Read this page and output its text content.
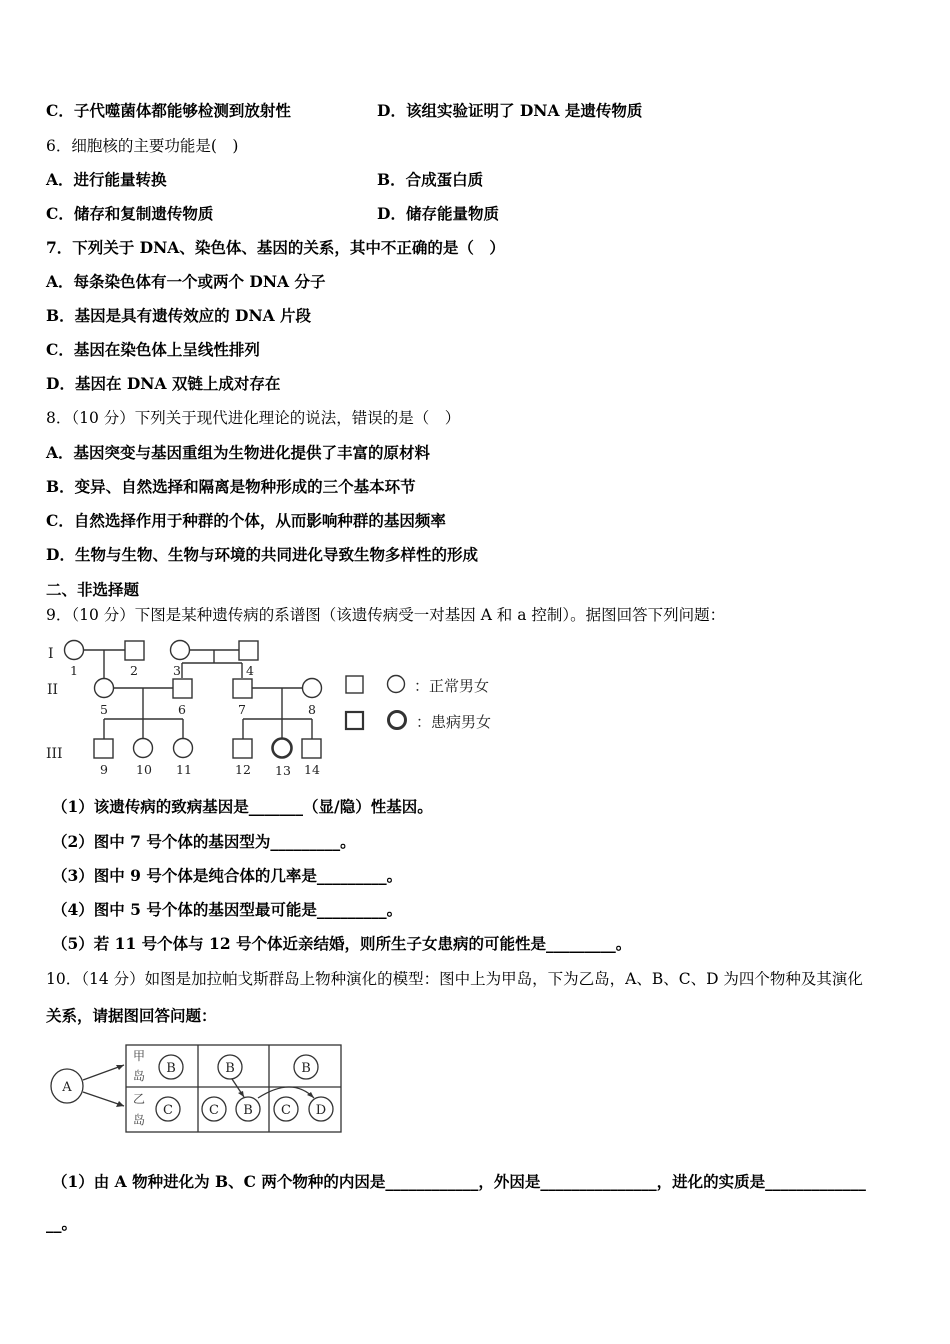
C．子代噬菌体都能够检测到放射性	D．该组实验证明了 DNA 是遗传物质
6．细胞核的主要功能是(　)
A．进行能量转换	B．合成蛋白质
C．储存和复制遗传物质	D．储存能量物质
7．下列关于 DNA、染色体、基因的关系，其中不正确的是（　）
A．每条染色体有一个或两个 DNA 分子
B．基因是具有遗传效应的 DNA 片段
C．基因在染色体上呈线性排列
D．基因在 DNA 双链上成对存在
8．（10 分）下列关于现代进化理论的说法，错误的是（　）
A．基因突变与基因重组为生物进化提供了丰富的原材料
B．变异、自然选择和隔离是物种形成的三个基本环节
C．自然选择作用于种群的个体，从而影响种群的基因频率
D．生物与生物、生物与环境的共同进化导致生物多样性的形成
二、非选择题
9．（10 分）下图是某种遗传病的系谱图（该遗传病受一对基因 A 和 a 控制）。据图回答下列问题：
I
II
III
1	2	3	4
5	6	7	8
9 10 11	12 13 14
：正常男女
：患病男女
（1）该遗传病的致病基因是_______（显/隐）性基因。
（2）图中 7 号个体的基因型为_________。
（3）图中 9 号个体是纯合体的几率是_________。
（4）图中 5 号个体的基因型最可能是_________。
（5）若 11 号个体与 12 号个体近亲结婚，则所生子女患病的可能性是_________。
10．（14 分）如图是加拉帕戈斯群岛上物种演化的模型：图中上为甲岛，下为乙岛，A、B、C、D 为四个物种及其演化
关系，请据图回答问题：
A
B	B	B
C	C B C D
甲
岛
乙
岛
（1）由 A 物种进化为 B、C 两个物种的内因是____________，外因是_______________，进化的实质是_____________
__。
